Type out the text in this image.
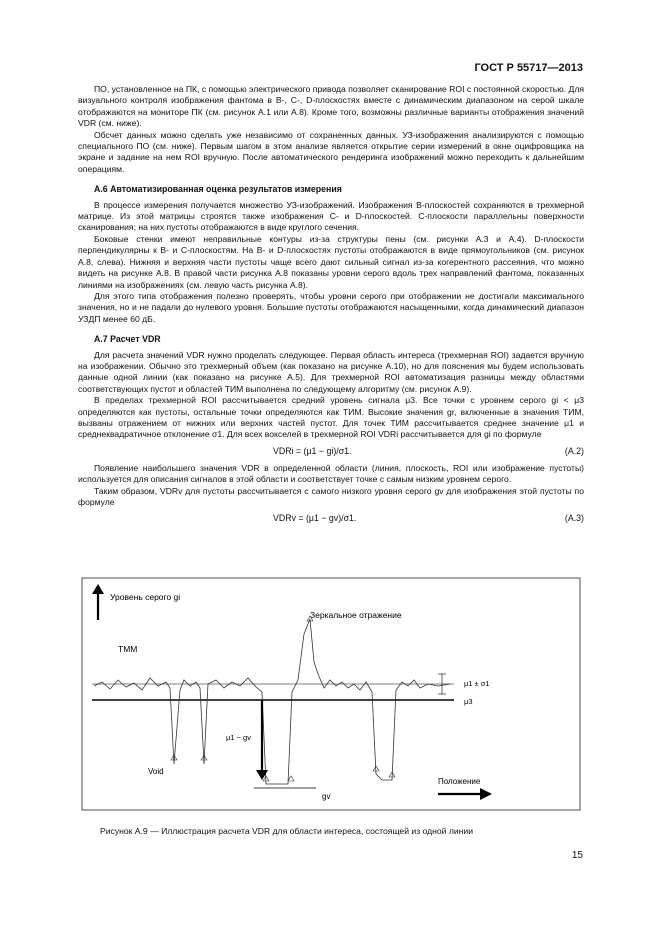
ГОСТ Р 55717—2013

ПО, установленное на ПК, с помощью электрического привода позволяет сканирование ROI с постоянной скоростью. Для визуального контроля изображения фантома в B-, C-, D-плоскостях вместе с динамическим диапазоном на серой шкале отображаются на мониторе ПК (см. рисунок А.1 или А.8). Кроме того, возможны различные варианты отображения значений VDR (см. ниже).

Обсчет данных можно сделать уже независимо от сохраненных данных. УЗ-изображения анализируются с помощью специального ПО (см. ниже). Первым шагом в этом анализе является открытие серии измерений в окне оцифровщика на экране и задание на нем ROI вручную. После автоматического рендеринга изображений можно переходить к дальнейшим операциям.

А.6 Автоматизированная оценка результатов измерения

В процессе измерения получается множество УЗ-изображений. Изображения B-плоскостей сохраняются в трехмерной матрице. Из этой матрицы строятся также изображения C- и D-плоскостей. C-плоскости параллельны поверхности сканирования; на них пустоты отображаются в виде круглого сечения.

Боковые стенки имеют неправильные контуры из-за структуры пены (см. рисунки А.3 и А.4). D-плоскости перпендикулярны к B- и C-плоскостям. На B- и D-плоскостях пустоты отображаются в виде прямоугольников (см. рисунок А.8, слева). Нижняя и верхняя части пустоты чаще всего дают сильный сигнал из-за когерентного рассеяния, что можно видеть на рисунке А.8. В правой части рисунка А.8 показаны уровни серого вдоль трех направлений фантома, показанных линиями на изображениях (см. левую часть рисунка А.8).

Для этого типа отображения полезно проверять, чтобы уровни серого при отображении не достигали максимального значения, но и не падали до нулевого уровня. Большие пустоты отображаются насыщенными, когда динамический диапазон УЗДП менее 60 дБ.

А.7 Расчет VDR

Для расчета значений VDR нужно проделать следующее. Первая область интереса (трехмерная ROI) задается вручную на изображении. Обычно это трехмерный объем (как показано на рисунке А.10), но для пояснения мы будем использовать данные одной линии (как показано на рисунке А.5). Для трехмерной ROI автоматизация разницы между областями соответствующих пустот и областей ТИМ выполнена по следующему алгоритму (см. рисунок А.9).

В пределах трехмерной ROI рассчитывается средний уровень сигнала μ3. Все точки с уровнем серого gi < μ3 определяются как пустоты, остальные точки определяются как ТИМ. Высокие значения gr, включенные в значения ТИМ, вызваны отражением от нижних или верхних частей пустот. Для точек ТИМ рассчитывается среднее значение μ1 и среднеквадратичное отклонение σ1. Для всех вокселей в трехмерной ROI VDRi рассчитывается для gi по формуле

VDRi = (μ1 − gi)/σ1.	(А.2)

Появление наибольшего значения VDR в определенной области (линия, плоскость, ROI или изображение пустоты) используется для описания сигналов в этой области и соответствует точке с самым низким уровнем серого.

Таким образом, VDRv для пустоты рассчитывается с самого низкого уровня серого gv для изображения этой пустоты по формуле

VDRv = (μ1 − gv)/σ1.	(А.3)
Уровень серого gi
Зеркальное отражение
ТММ
Void
μ1 ± σ1
μ3
μ1 − gv
gv
Положение
Рисунок А.9 — Иллюстрация расчета VDR для области интереса, состоящей из одной линии
15
